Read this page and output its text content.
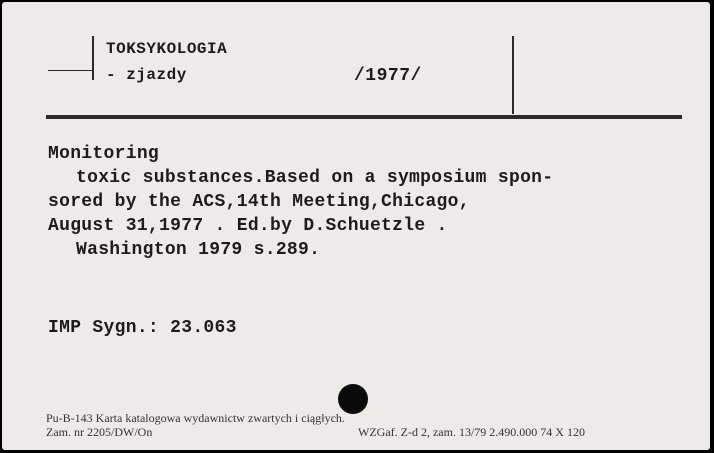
TOKSYKOLOGIA
- zjazdy	/1977/
Monitoring
toxic substances.Based on a symposium spon-
sored by the ACS,14th Meeting,Chicago,
August 31,1977 . Ed.by D.Schuetzle .
Washington 1979 s.289.
IMP Sygn.: 23.063
Pu-B-143 Karta katalogowa wydawnictw zwartych i ciągłych.
Zam. nr 2205/DW/On	WZGaf. Z-d 2, zam. 13/79 2.490.000 74 X 120
